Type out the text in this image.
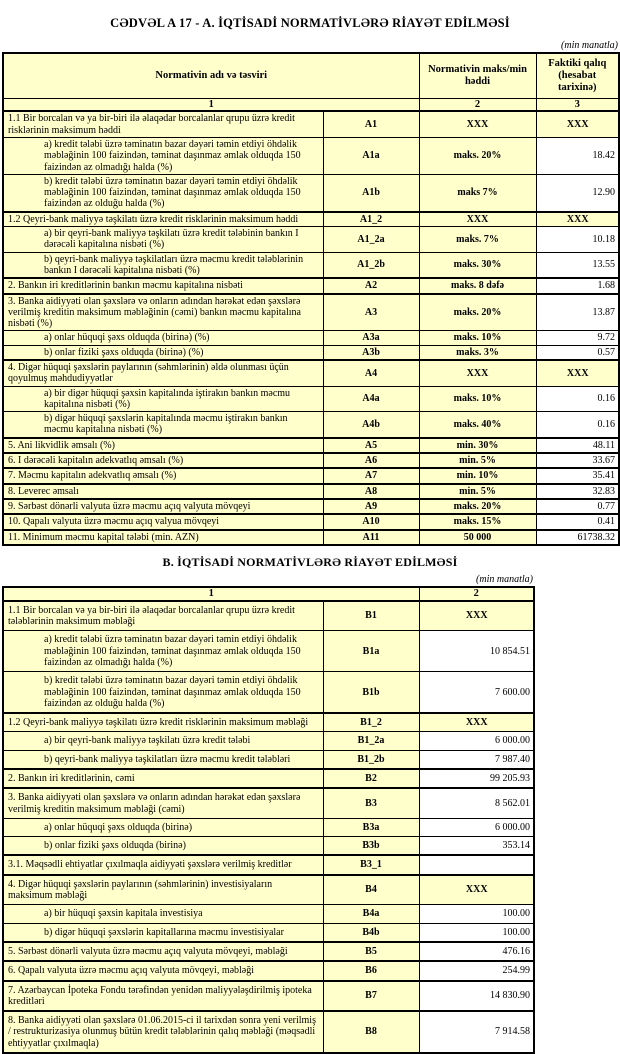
CƏDVƏL A 17 - A. İQTİSADİ NORMATİVLƏRƏ RİAYƏT EDİLMƏSİ
(min manatla)
Normativin adı və təsviri		Normativin maks/min həddi	Faktiki qalıq (hesabat tarixinə)
1		2	3
1.1 Bir borcalan və ya bir-biri ilə əlaqədar borcalanlar qrupu üzrə kredit risklərinin maksimum həddi	A1	XXX	XXX
a) kredit tələbi üzrə təminatın bazar dəyəri təmin etdiyi öhdəlik məbləğinin 100 faizindən, təminat daşınmaz əmlak olduqda 150 faizindən az olmadığı halda (%)	A1a	maks. 20%	18.42
b) kredit tələbi üzrə təminatın bazar dəyəri təmin etdiyi öhdəlik məbləğinin 100 faizindən, təminat daşınmaz əmlak olduqda 150 faizindən az olduğu halda (%)	A1b	maks 7%	12.90
1.2 Qeyri-bank maliyyə təşkilatı üzrə kredit risklərinin maksimum həddi	A1_2	XXX	XXX
a) bir qeyri-bank maliyyə təşkilatı üzrə kredit tələbinin bankın I dərəcəli kapitalına nisbəti (%)	A1_2a	maks. 7%	10.18
b) qeyri-bank maliyyə təşkilatları üzrə məcmu kredit tələblərinin bankın I dərəcəli kapitalına nisbəti (%)	A1_2b	maks. 30%	13.55
2. Bankın iri kreditlərinin bankın məcmu kapitalına nisbəti	A2	maks. 8 dəfə	1.68
3. Banka aidiyyəti olan şəxslərə və onların adından hərəkət edən şəxslərə verilmiş kreditin maksimum məbləğinin (cəmi) bankın məcmu kapitalına nisbəti (%)	A3	maks. 20%	13.87
a) onlar hüquqi şəxs olduqda (birinə) (%)	A3a	maks. 10%	9.72
b) onlar fiziki şəxs olduqda (birinə) (%)	A3b	maks. 3%	0.57
4. Digər hüquqi şəxslərin paylarının (səhmlərinin) əldə olunması üçün qoyulmuş məhdudiyyətlər	A4	XXX	XXX
a) bir digər hüquqi şəxsin kapitalında iştirakın bankın məcmu kapitalına nisbəti (%)	A4a	maks. 10%	0.16
b) digər hüquqi şəxslərin kapitalında məcmu iştirakın bankın məcmu kapitalına nisbəti (%)	A4b	maks. 40%	0.16
5. Ani likvidlik əmsalı (%)	A5	min. 30%	48.11
6. I dərəcəli kapitalın adekvatlıq əmsalı (%)	A6	min. 5%	33.67
7. Məcmu kapitalın adekvatlıq əmsalı (%)	A7	min. 10%	35.41
8. Leverec əmsalı	A8	min. 5%	32.83
9. Sərbəst dönərli valyuta üzrə məcmu açıq valyuta mövqeyi	A9	maks. 20%	0.77
10. Qapalı valyuta üzrə məcmu açıq valyua mövqeyi	A10	maks. 15%	0.41
11. Minimum məcmu kapital tələbi (min. AZN)	A11	50 000	61738.32
B. İQTİSADİ NORMATİVLƏRƏ RİAYƏT EDİLMƏSİ
(min manatla)
1		2
1.1 Bir borcalan və ya bir-biri ilə əlaqədar borcalanlar qrupu üzrə kredit tələblərinin maksimum məbləği	B1	XXX
a) kredit tələbi üzrə təminatın bazar dəyəri təmin etdiyi öhdəlik məbləğinin 100 faizindən, təminat daşınmaz əmlak olduqda 150 faizindən az olmadığı halda (%)	B1a	10 854.51
b) kredit tələbi üzrə təminatın bazar dəyəri təmin etdiyi öhdəlik məbləğinin 100 faizindən, təminat daşınmaz əmlak olduqda 150 faizindən az olduğu halda (%)	B1b	7 600.00
1.2 Qeyri-bank maliyyə təşkilatı üzrə kredit risklərinin maksimum məbləği	B1_2	XXX
a) bir qeyri-bank maliyyə təşkilatı üzrə kredit tələbi	B1_2a	6 000.00
b) qeyri-bank maliyyə təşkilatları üzrə məcmu kredit tələbləri	B1_2b	7 987.40
2. Bankın iri kreditlərinin, cəmi	B2	99 205.93
3. Banka aidiyyəti olan şəxslərə və onların adından hərəkət edən şəxslərə verilmiş kreditin maksimum məbləği (cəmi)	B3	8 562.01
a) onlar hüquqi şəxs olduqda (birinə)	B3a	6 000.00
b) onlar fiziki şəxs olduqda (birinə)	B3b	353.14
3.1. Məqsədli ehtiyatlar çıxılmaqla aidiyyəti şəxslərə verilmiş kreditlər	B3_1	
4. Digər hüquqi şəxslərin paylarının (səhmlərinin) investisiyaların maksimum məbləği	B4	XXX
a) bir hüquqi şəxsin kapitala investisiya	B4a	100.00
b) digər hüquqi şəxslərin kapitallarına məcmu investisiyalar	B4b	100.00
5. Sərbəst dönərli valyuta üzrə məcmu açıq valyuta mövqeyi, məbləği	B5	476.16
6. Qapalı valyuta üzrə məcmu açıq valyuta mövqeyi, məbləği	B6	254.99
7. Azərbaycan İpoteka Fondu tərəfindən yenidən maliyyələşdirilmiş ipoteka kreditləri	B7	14 830.90
8. Banka aidiyyəti olan şəxslərə 01.06.2015-ci il tarixdən sonra yeni verilmiş / restrukturizasiya olunmuş bütün kredit tələblərinin qalıq məbləği (məqsədli ehtiyyatlar çıxılmaqla)	B8	7 914.58
